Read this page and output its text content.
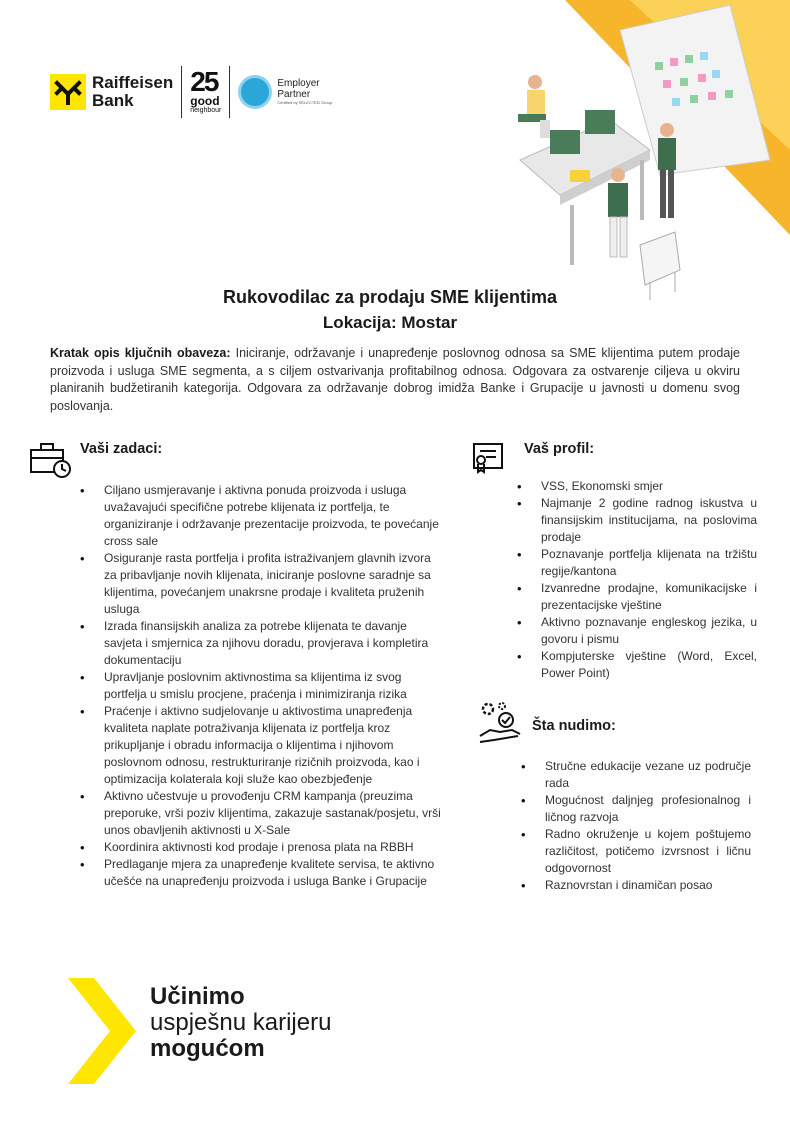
Raiffeisen
Bank
25
good
neighbour
Employer
Partner
Certified by SELECTED Group
Rukovodilac za prodaju SME klijentima
Lokacija: Mostar
Kratak opis ključnih obaveza: Iniciranje, održavanje i unapređenje poslovnog odnosa sa SME klijentima putem prodaje proizvoda i usluga SME segmenta, a s ciljem ostvarivanja profitabilnog odnosa. Odgovara za ostvarenje ciljeva u okviru planiranih budžetiranih kategorija. Odgovara za održavanje dobrog imidža Banke i Grupacije u javnosti u domenu svog poslovanja.
Vaši zadaci:
• Ciljano usmjeravanje i aktivna ponuda proizvoda i usluga uvažavajući specifične potrebe klijenata iz portfelja, te organiziranje i održavanje prezentacije proizvoda, te povećanje cross sale
• Osiguranje rasta portfelja i profita istraživanjem glavnih izvora za pribavljanje novih klijenata, iniciranje poslovne saradnje sa klijentima, povećanjem unakrsne prodaje i kvaliteta pruženih usluga
• Izrada finansijskih analiza za potrebe klijenata te davanje savjeta i smjernica za njihovu doradu, provjerava i kompletira dokumentaciju
• Upravljanje poslovnim aktivnostima sa klijentima iz svog portfelja u smislu procjene, praćenja i minimiziranja rizika
• Praćenje i aktivno sudjelovanje u aktivostima unapređenja kvaliteta naplate potraživanja klijenata iz portfelja kroz prikupljanje i obradu informacija o klijentima i njihovom poslovnom odnosu, restrukturiranje rizičnih proizvoda, kao i optimizacija kolaterala koji služe kao obezbjeđenje
• Aktivno učestvuje u provođenju CRM kampanja (preuzima preporuke, vrši poziv klijentima, zakazuje sastanak/posjetu, vrši unos obavljenih aktivnosti u X-Sale
• Koordinira aktivnosti kod prodaje i prenosa plata na RBBH
• Predlaganje mjera za unapređenje kvalitete servisa, te aktivno učešće na unapređenju proizvoda i usluga Banke i Grupacije
Vaš profil:
• VSS, Ekonomski smjer
• Najmanje 2 godine radnog iskustva u finansijskim institucijama, na poslovima prodaje
• Poznavanje portfelja klijenata na tržištu regije/kantona
• Izvanredne prodajne, komunikacijske i prezentacijske vještine
• Aktivno poznavanje engleskog jezika, u govoru i pismu
• Kompjuterske vještine (Word, Excel, Power Point)
Šta nudimo:
• Stručne edukacije vezane uz područje rada
• Mogućnost daljnjeg profesionalnog i ličnog razvoja
• Radno okruženje u kojem poštujemo različitost, potičemo izvrsnost i ličnu odgovornost
• Raznovrstan i dinamičan posao
Učinimo
uspješnu karijeru
mogućom
